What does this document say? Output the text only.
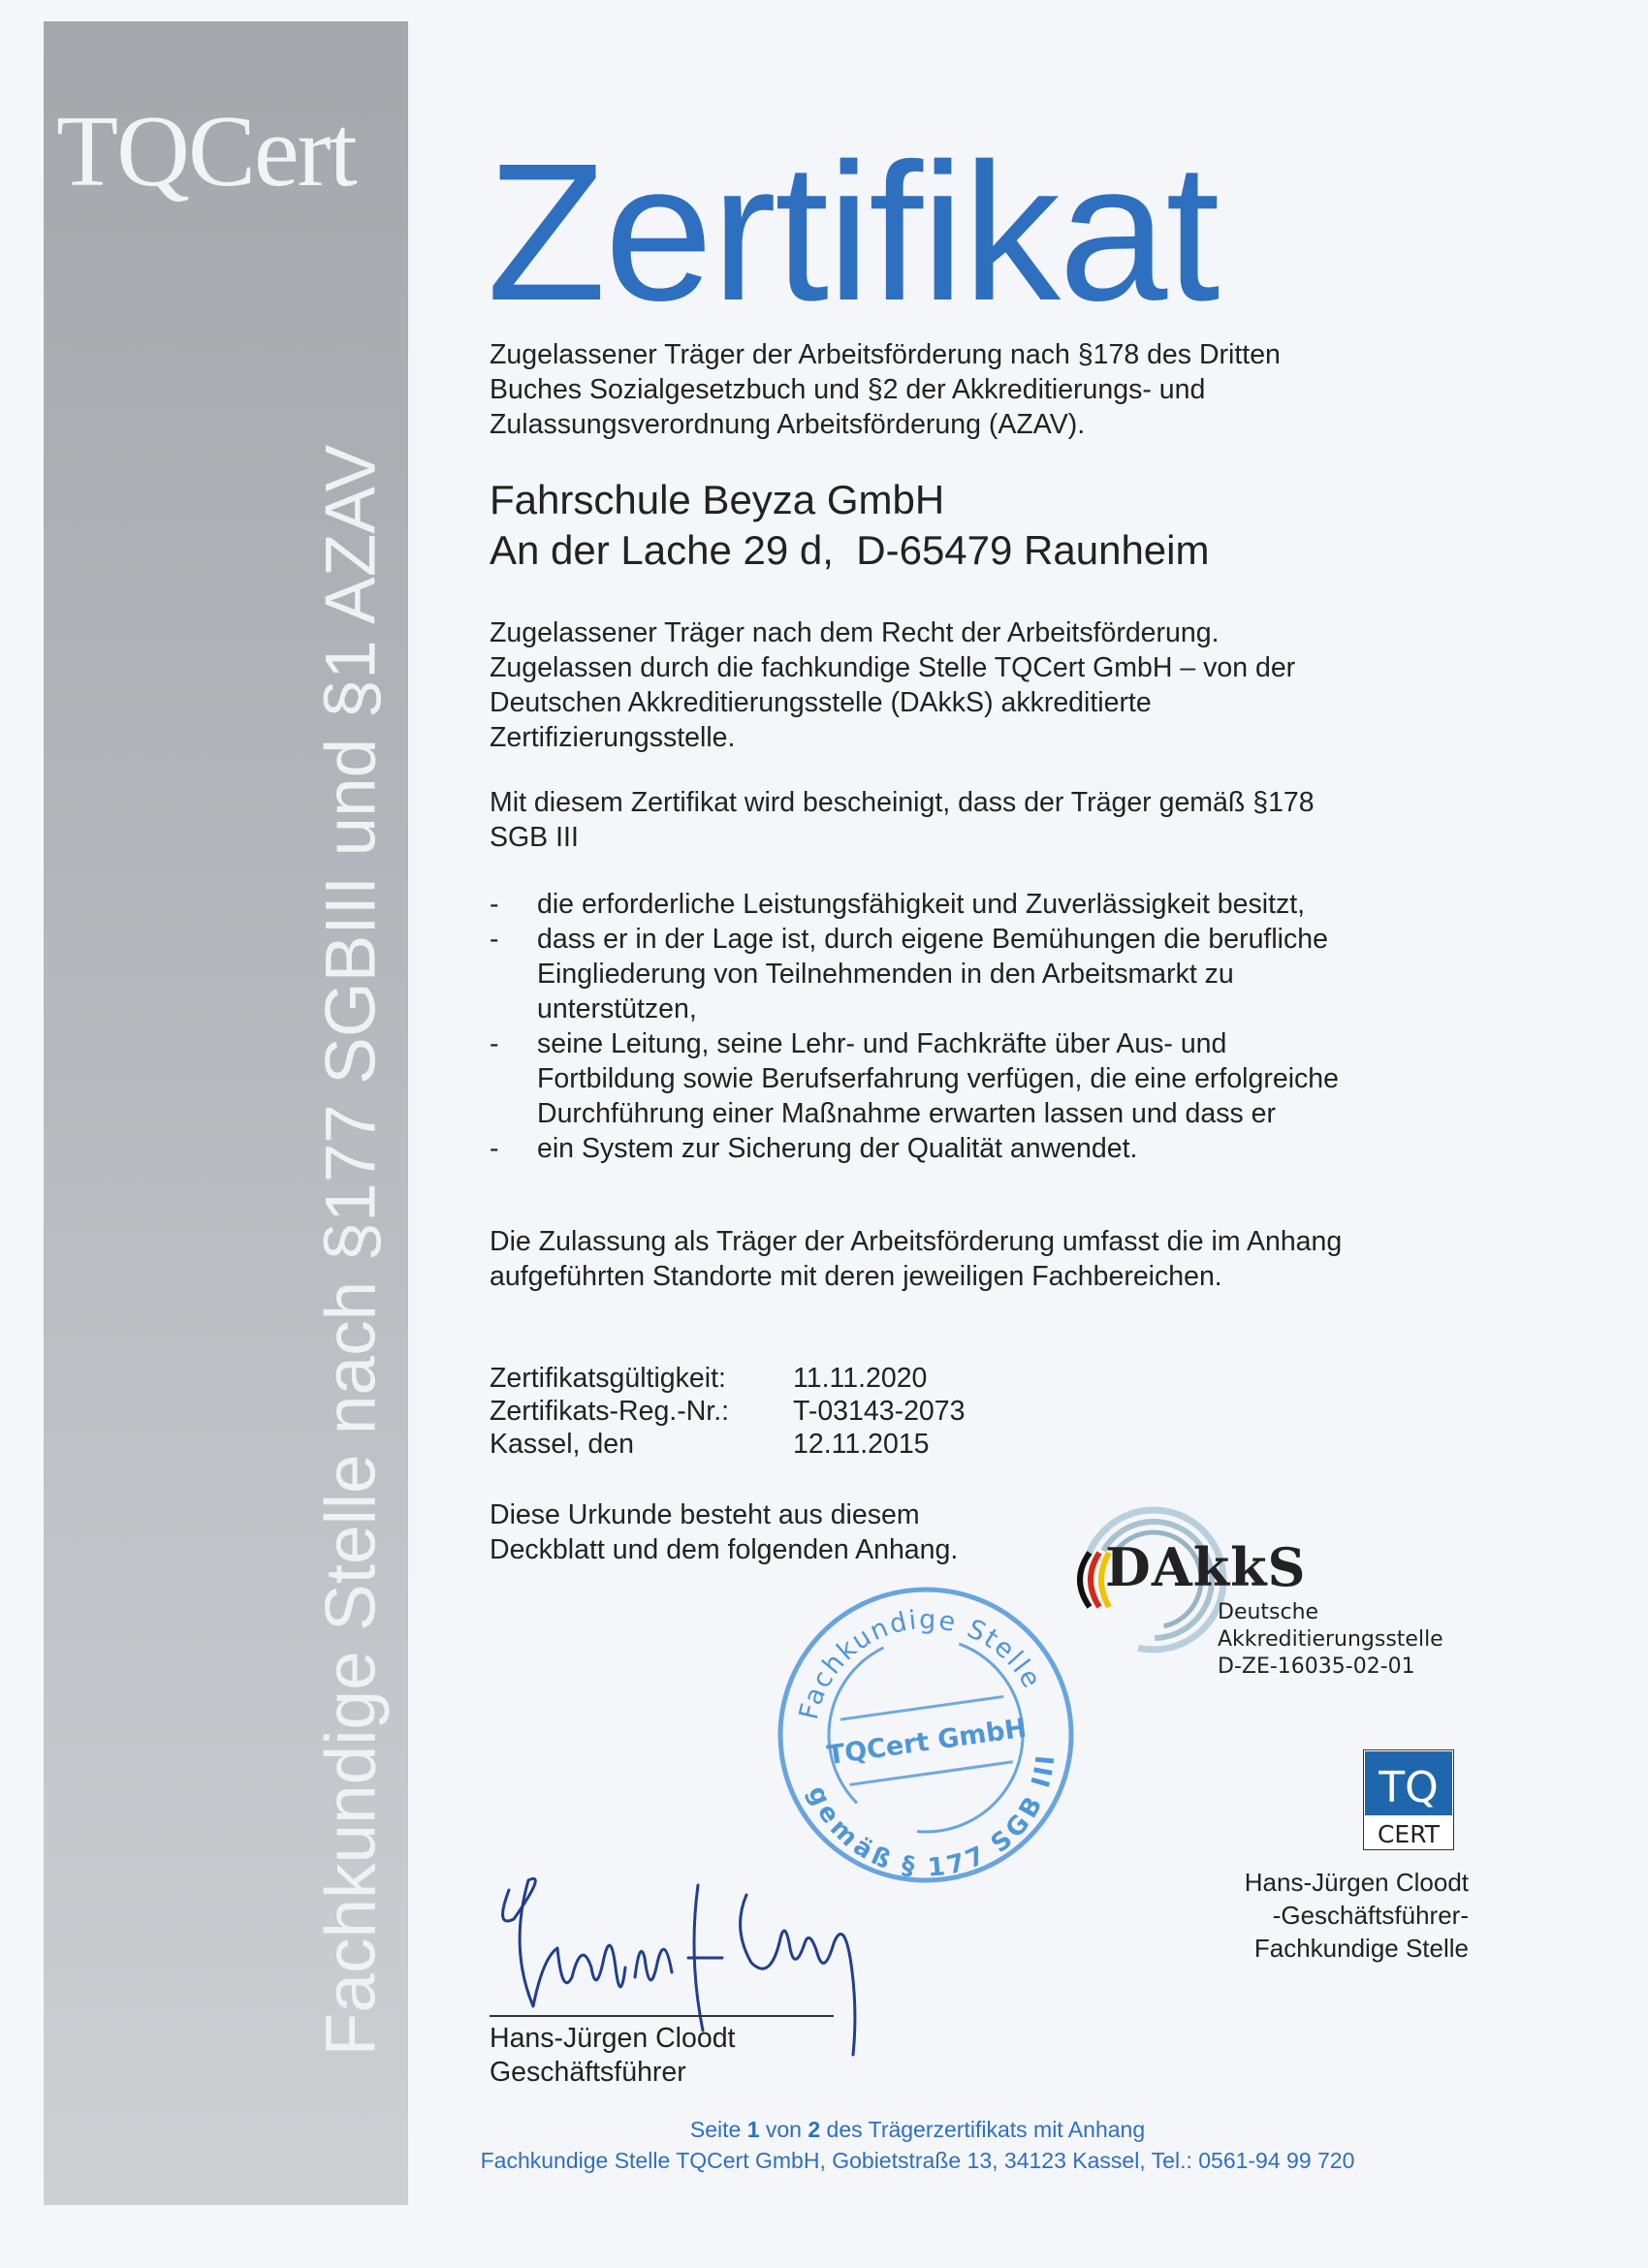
TQCert
Fachkundige Stelle nach §177 SGBIII und §1 AZAV
Zertifikat
Zugelassener Träger der Arbeitsförderung nach §178 des Dritten
Buches Sozialgesetzbuch und §2 der Akkreditierungs- und
Zulassungsverordnung Arbeitsförderung (AZAV).
Fahrschule Beyza GmbH
An der Lache 29 d,  D-65479 Raunheim
Zugelassener Träger nach dem Recht der Arbeitsförderung.
Zugelassen durch die fachkundige Stelle TQCert GmbH – von der
Deutschen Akkreditierungsstelle (DAkkS) akkreditierte
Zertifizierungsstelle.
Mit diesem Zertifikat wird bescheinigt, dass der Träger gemäß §178
SGB III
- die erforderliche Leistungsfähigkeit und Zuverlässigkeit besitzt,
- dass er in der Lage ist, durch eigene Bemühungen die berufliche
Eingliederung von Teilnehmenden in den Arbeitsmarkt zu
unterstützen,
- seine Leitung, seine Lehr- und Fachkräfte über Aus- und
Fortbildung sowie Berufserfahrung verfügen, die eine erfolgreiche
Durchführung einer Maßnahme erwarten lassen und dass er
- ein System zur Sicherung der Qualität anwendet.
Die Zulassung als Träger der Arbeitsförderung umfasst die im Anhang
aufgeführten Standorte mit deren jeweiligen Fachbereichen.
Zertifikatsgültigkeit:	11.11.2020
Zertifikats-Reg.-Nr.:	T-03143-2073
Kassel, den	12.11.2015
Diese Urkunde besteht aus diesem
Deckblatt und dem folgenden Anhang.	DAkkS
Deutsche
Akkreditierungsstelle
D-ZE-16035-02-01
Fachkundige Stelle
TQCert GmbH
gemäß § 177 SGB III
TQ
CERT
Hans-Jürgen Cloodt
-Geschäftsführer-
Fachkundige Stelle
Hans-Jürgen Cloodt
Geschäftsführer
Seite 1 von 2 des Trägerzertifikats mit Anhang
Fachkundige Stelle TQCert GmbH, Gobietstraße 13, 34123 Kassel, Tel.: 0561-94 99 720
